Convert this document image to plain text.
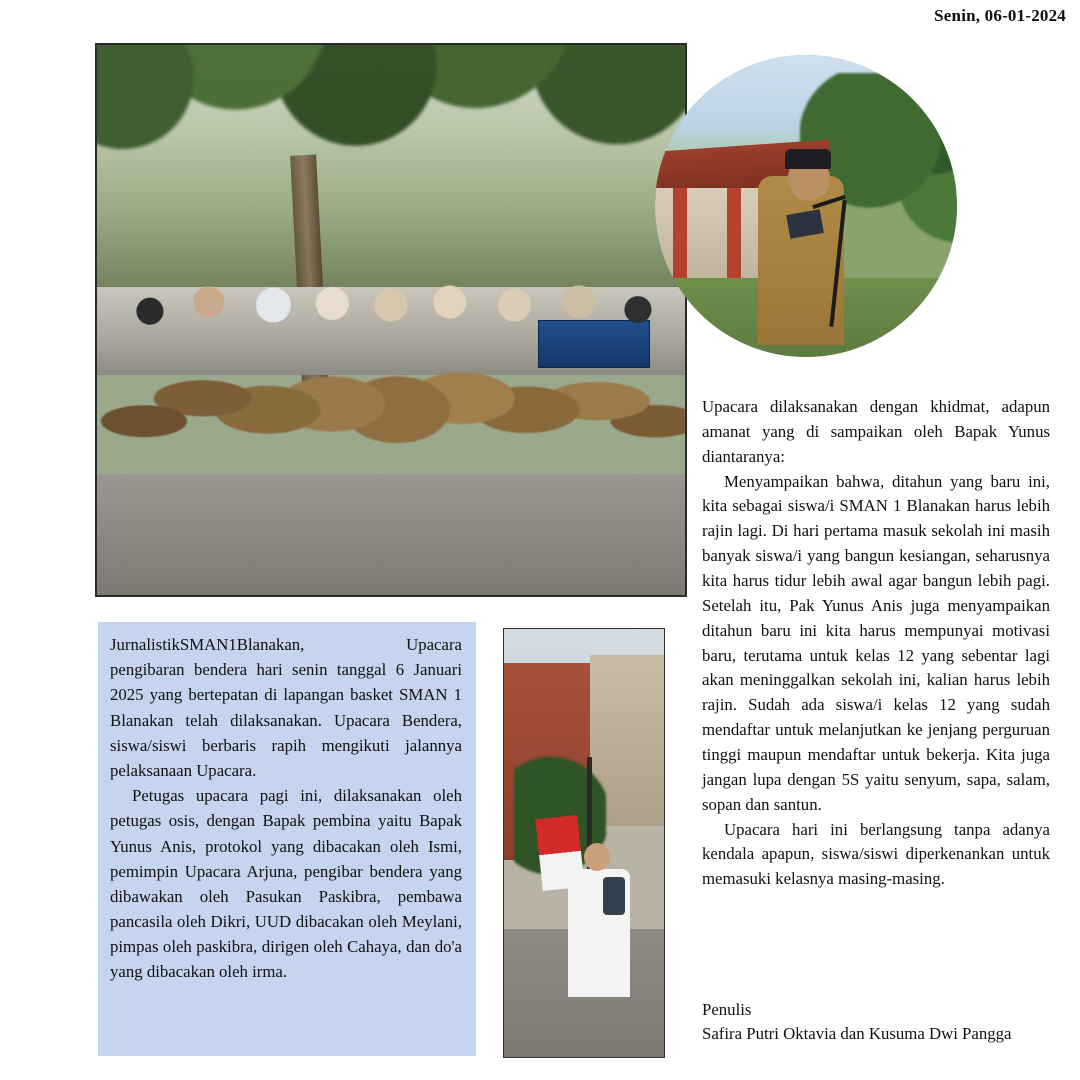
Senin, 06-01-2024

Upacara dilaksanakan dengan khidmat, adapun amanat yang di sampaikan oleh Bapak Yunus diantaranya:

Menyampaikan bahwa, ditahun yang baru ini, kita sebagai siswa/i SMAN 1 Blanakan harus lebih rajin lagi. Di hari pertama masuk sekolah ini masih banyak siswa/i yang bangun kesiangan, seharusnya kita harus tidur lebih awal agar bangun lebih pagi. Setelah itu, Pak Yunus Anis juga menyampaikan ditahun baru ini kita harus mempunyai motivasi baru, terutama untuk kelas 12 yang sebentar lagi akan meninggalkan sekolah ini, kalian harus lebih rajin. Sudah ada siswa/i kelas 12 yang sudah mendaftar untuk melanjutkan ke jenjang perguruan tinggi maupun mendaftar untuk bekerja. Kita juga jangan lupa dengan 5S yaitu senyum, sapa, salam, sopan dan santun.

Upacara hari ini berlangsung tanpa adanya kendala apapun, siswa/siswi diperkenankan untuk memasuki kelasnya masing-masing.

Penulis
Safira Putri Oktavia dan Kusuma Dwi Pangga
JurnalistikSMAN1Blanakan,	Upacara

pengibaran bendera hari senin tanggal 6 Januari 2025 yang bertepatan di lapangan basket SMAN 1 Blanakan telah dilaksanakan. Upacara Bendera, siswa/siswi berbaris rapih mengikuti jalannya pelaksanaan Upacara.

Petugas upacara pagi ini, dilaksanakan oleh petugas osis, dengan Bapak pembina yaitu Bapak Yunus Anis, protokol yang dibacakan oleh Ismi, pemimpin Upacara Arjuna, pengibar bendera yang dibawakan oleh Pasukan Paskibra, pembawa pancasila oleh Dikri, UUD dibacakan oleh Meylani, pimpas oleh paskibra, dirigen oleh Cahaya, dan do'a yang dibacakan oleh irma.
